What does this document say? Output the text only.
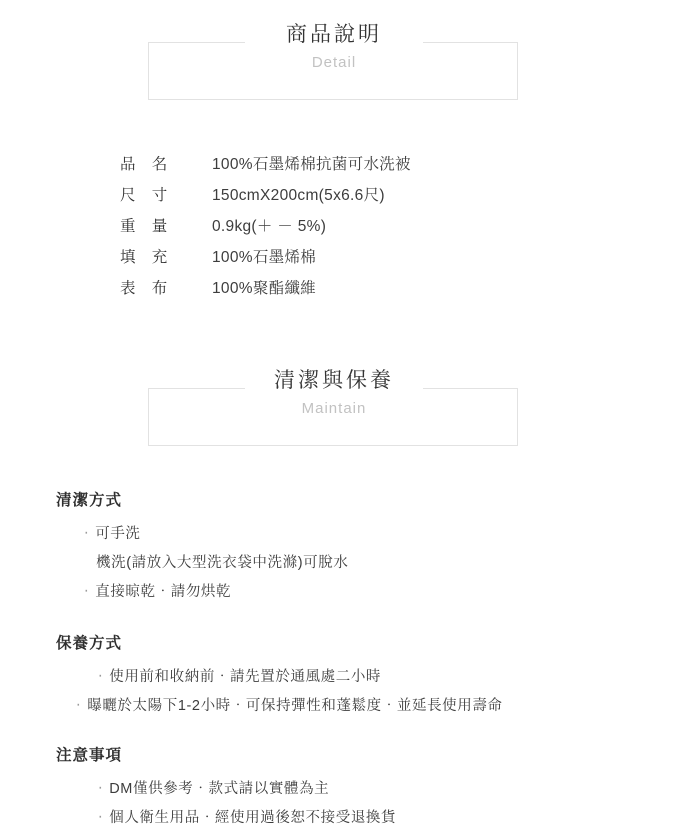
商品說明
Detail
品 名	100%石墨烯棉抗菌可水洗被
尺 寸	150cmX200cm(5x6.6尺)
重 量	0.9kg(＋ － 5%)
填 充	100%石墨烯棉
表 布	100%聚酯纖維
清潔與保養
Maintain
清潔方式
‧ 可手洗
機洗(請放入大型洗衣袋中洗滌)可脫水
‧ 直接晾乾‧請勿烘乾
保養方式
‧ 使用前和收納前‧請先置於通風處二小時
‧ 曝曬於太陽下1-2小時‧可保持彈性和蓬鬆度‧並延長使用壽命
注意事項
‧ DM僅供參考‧款式請以實體為主
‧ 個人衛生用品‧經使用過後恕不接受退換貨
